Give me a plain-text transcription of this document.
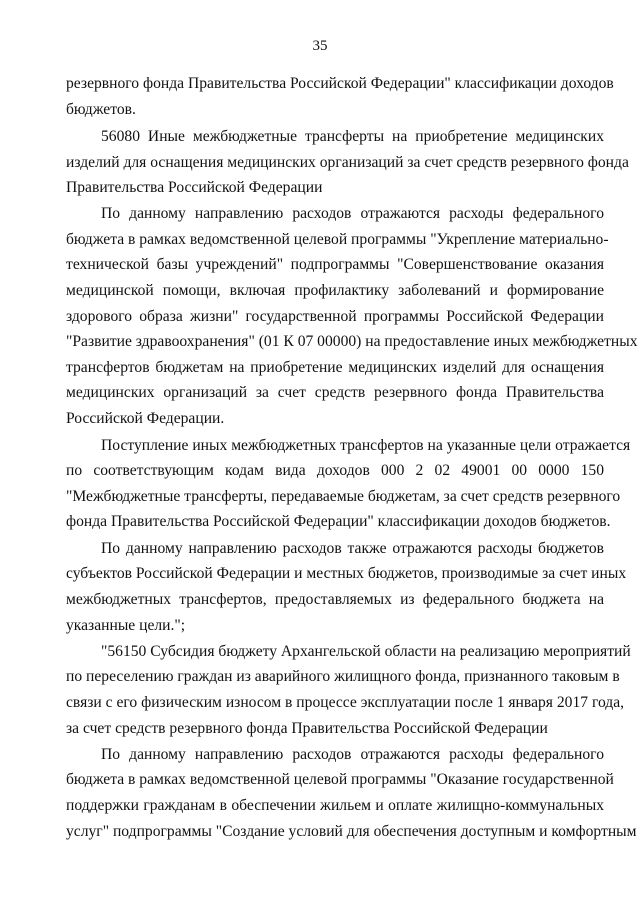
35
резервного фонда Правительства Российской Федерации" классификации доходов
бюджетов.
56080 Иные межбюджетные трансферты на приобретение медицинских
изделий для оснащения медицинских организаций за счет средств резервного фонда
Правительства Российской Федерации
По данному направлению расходов отражаются расходы федерального
бюджета в рамках ведомственной целевой программы "Укрепление материально-
технической базы учреждений" подпрограммы "Совершенствование оказания
медицинской помощи, включая профилактику заболеваний и формирование
здорового образа жизни" государственной программы Российской Федерации
"Развитие здравоохранения" (01 К 07 00000) на предоставление иных межбюджетных
трансфертов бюджетам на приобретение медицинских изделий для оснащения
медицинских организаций за счет средств резервного фонда Правительства
Российской Федерации.
Поступление иных межбюджетных трансфертов на указанные цели отражается
по соответствующим кодам вида доходов 000 2 02 49001 00 0000 150
"Межбюджетные трансферты, передаваемые бюджетам, за счет средств резервного
фонда Правительства Российской Федерации" классификации доходов бюджетов.
По данному направлению расходов также отражаются расходы бюджетов
субъектов Российской Федерации и местных бюджетов, производимые за счет иных
межбюджетных трансфертов, предоставляемых из федерального бюджета на
указанные цели.";
"56150 Субсидия бюджету Архангельской области на реализацию мероприятий
по переселению граждан из аварийного жилищного фонда, признанного таковым в
связи с его физическим износом в процессе эксплуатации после 1 января 2017 года,
за счет средств резервного фонда Правительства Российской Федерации
По данному направлению расходов отражаются расходы федерального
бюджета в рамках ведомственной целевой программы "Оказание государственной
поддержки гражданам в обеспечении жильем и оплате жилищно-коммунальных
услуг" подпрограммы "Создание условий для обеспечения доступным и комфортным
